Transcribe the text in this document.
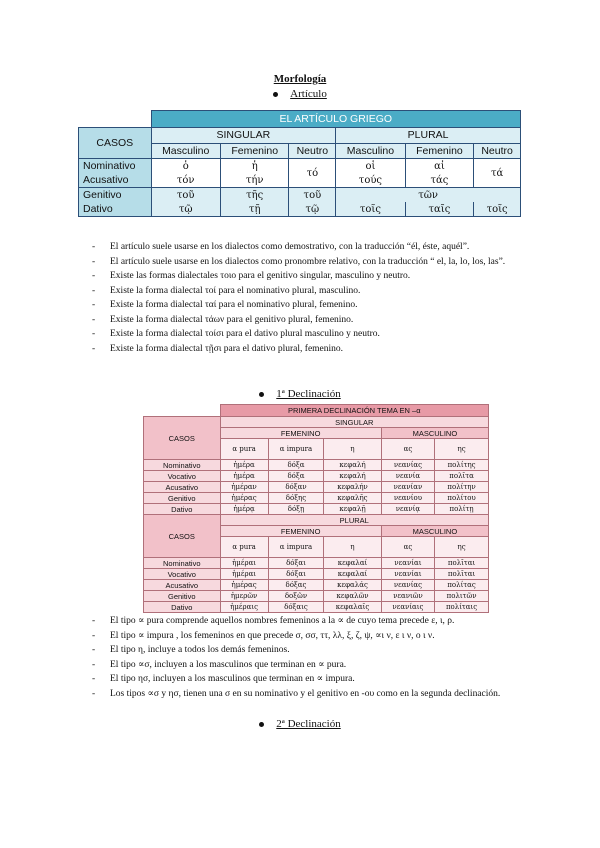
Morfología
Artículo
	EL ARTÍCULO GRIEGO					
CASOS	SINGULAR			PLURAL		
	Masculino	Femenino	Neutro	Masculino	Femenino	Neutro
Nominativo	ὁ	ἡ	τό	οἱ	αἱ	τά
Acusativo	τόν	τήν		τούς	τάς	
Genitivo	τοῦ	τῆς	τοῦ	τῶν		
Dativo	τῷ	τῇ	τῷ	τοῖς	ταῖς	τοῖς
- El artículo suele usarse en los dialectos como demostrativo, con la traducción “él, éste, aquél”.
- El artículo suele usarse en los dialectos como pronombre relativo, con la traducción “ el, la, lo, los, las”.
- Existe las formas dialectales τοιο para el genitivo singular, masculino y neutro.
- Existe la forma dialectal τοί para el nominativo plural, masculino.
- Existe la forma dialectal ταί para el nominativo plural, femenino.
- Existe la forma dialectal τάων para el genitivo plural, femenino.
- Existe la forma dialectal τοίσι para el dativo plural masculino y neutro.
- Existe la forma dialectal τῇσι para el dativo plural, femenino.
1ª Declinación
	PRIMERA DECLINACIÓN TEMA EN –α				
CASOS	SINGULAR				
	FEMENINO			MASCULINO	
	α pura	α impura	η	ας	ης
Nominativo	ἡμέρα	δόξα	κεφαλή	νεανίας	πολίτης
Vocativo	ἡμέρα	δόξα	κεφαλή	νεανία	πολῖτα
Acusativo	ἡμέραν	δόξαν	κεφαλήν	νεανίαν	πολίτην
Genitivo	ἡμέρας	δόξης	κεφαλῆς	νεανίου	πολίτου
Dativo	ἡμέρᾳ	δόξῃ	κεφαλῇ	νεανίᾳ	πολίτῃ
CASOS	PLURAL				
	FEMENINO			MASCULINO	
	α pura	α impura	η	ας	ης
Nominativo	ἡμέραι	δόξαι	κεφαλαί	νεανίαι	πολῖται
Vocativo	ἡμέραι	δόξαι	κεφαλαί	νεανίαι	πολῖται
Acusativo	ἡμέρας	δόξας	κεφαλάς	νεανίας	πολίτας
Genitivo	ἡμερῶν	δοξῶν	κεφαλῶν	νεανιῶν	πολιτῶν
Dativo	ἡμέραις	δόξαις	κεφαλαῖς	νεανίαις	πολίταις
- El tipo ∝ pura comprende aquellos nombres femeninos a la ∝ de cuyo tema precede ε, ι, ρ.
- El tipo ∝ impura , los femeninos en que precede σ, σσ, ττ, λλ, ξ, ζ, ψ, ∝ι ν, ε ι ν, ο ι ν.
- El tipo η, incluye a todos los demás femeninos.
- El tipo ∝σ, incluyen a los masculinos que terminan en ∝ pura.
- El tipo ησ, incluyen a los masculinos que terminan en ∝ impura.
- Los tipos ∝σ y ησ, tienen una σ en su nominativo y el genitivo en -ου como en la segunda declinación.
2ª Declinación
